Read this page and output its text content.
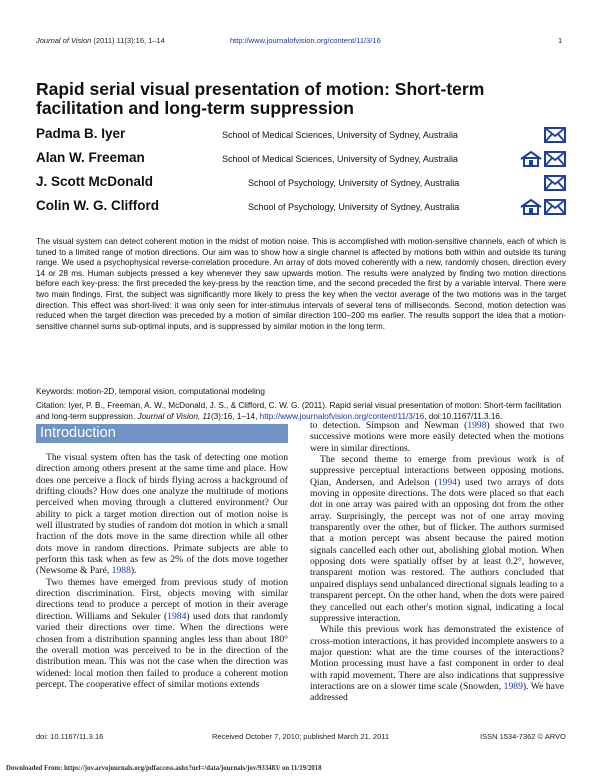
Journal of Vision (2011) 11(3):16, 1–14	http://www.journalofvision.org/content/11/3/16	1
Rapid serial visual presentation of motion: Short-term facilitation and long-term suppression
Padma B. Iyer	School of Medical Sciences, University of Sydney, Australia
Alan W. Freeman	School of Medical Sciences, University of Sydney, Australia
J. Scott McDonald	School of Psychology, University of Sydney, Australia
Colin W. G. Clifford	School of Psychology, University of Sydney, Australia
The visual system can detect coherent motion in the midst of motion noise. This is accomplished with motion-sensitive channels, each of which is tuned to a limited range of motion directions. Our aim was to show how a single channel is affected by motions both within and outside its tuning range. We used a psychophysical reverse-correlation procedure. An array of dots moved coherently with a new, randomly chosen, direction every 14 or 28 ms. Human subjects pressed a key whenever they saw upwards motion. The results were analyzed by finding two motion directions before each key-press: the first preceded the key-press by the reaction time, and the second preceded the first by a variable interval. There were two main findings. First, the subject was significantly more likely to press the key when the vector average of the two motions was in the target direction. This effect was short-lived: it was only seen for inter-stimulus intervals of several tens of milliseconds. Second, motion detection was reduced when the target direction was preceded by a motion of similar direction 100–200 ms earlier. The results support the idea that a motion-sensitive channel sums sub-optimal inputs, and is suppressed by similar motion in the long term.
Keywords: motion-2D, temporal vision, computational modeling
Citation: Iyer, P. B., Freeman, A. W., McDonald, J. S., & Clifford, C. W. G. (2011). Rapid serial visual presentation of motion: Short-term facilitation and long-term suppression. Journal of Vision, 11(3):16, 1–14, http://www.journalofvision.org/content/11/3/16, doi:10.1167/11.3.16.
Introduction

The visual system often has the task of detecting one motion direction among others present at the same time and place. How does one perceive a flock of birds flying across a background of drifting clouds? How does one analyze the multitude of motions perceived when moving through a cluttered environment? Our ability to pick a target motion direction out of motion noise is well illustrated by studies of random dot motion in which a small fraction of the dots move in the same direction while all other dots move in random directions. Primate subjects are able to perform this task when as few as 2% of the dots move together (Newsome & Paré, 1988).

Two themes have emerged from previous study of motion direction discrimination. First, objects moving with similar directions tend to produce a percept of motion in their average direction. Williams and Sekuler (1984) used dots that randomly varied their directions over time. When the directions were chosen from a distribution spanning angles less than about 180° the overall motion was perceived to be in the direction of the distribution mean. This was not the case when the direction was widened: local motion then failed to produce a coherent motion percept. The cooperative effect of similar motions extends

to detection. Simpson and Newman (1998) showed that two successive motions were more easily detected when the motions were in similar directions.

The second theme to emerge from previous work is of suppressive perceptual interactions between opposing motions. Qian, Andersen, and Adelson (1994) used two arrays of dots moving in opposite directions. The dots were placed so that each dot in one array was paired with an opposing dot from the other array. Surprisingly, the percept was not of one array moving transparently over the other, but of flicker. The authors surmised that a motion percept was absent because the paired motion signals cancelled each other out, abolishing global motion. When opposing dots were spatially offset by at least 0.2°, however, transparent motion was restored. The authors concluded that unpaired displays send unbalanced directional signals leading to a transparent percept. On the other hand, when the dots were paired they cancelled out each other's motion signal, indicating a local suppressive interaction.

While this previous work has demonstrated the existence of cross-motion interactions, it has provided incomplete answers to a major question: what are the time courses of the interactions? Motion processing must have a fast component in order to deal with rapid movement. There are also indications that suppressive interactions are on a slower time scale (Snowden, 1989). We have addressed

doi: 10.1167/11.3.16	Received October 7, 2010; published March 21, 2011	ISSN 1534-7362 © ARVO
Downloaded From: https://jov.arvojournals.org/pdfaccess.ashx?url=/data/journals/jov/933483/ on 11/19/2018
